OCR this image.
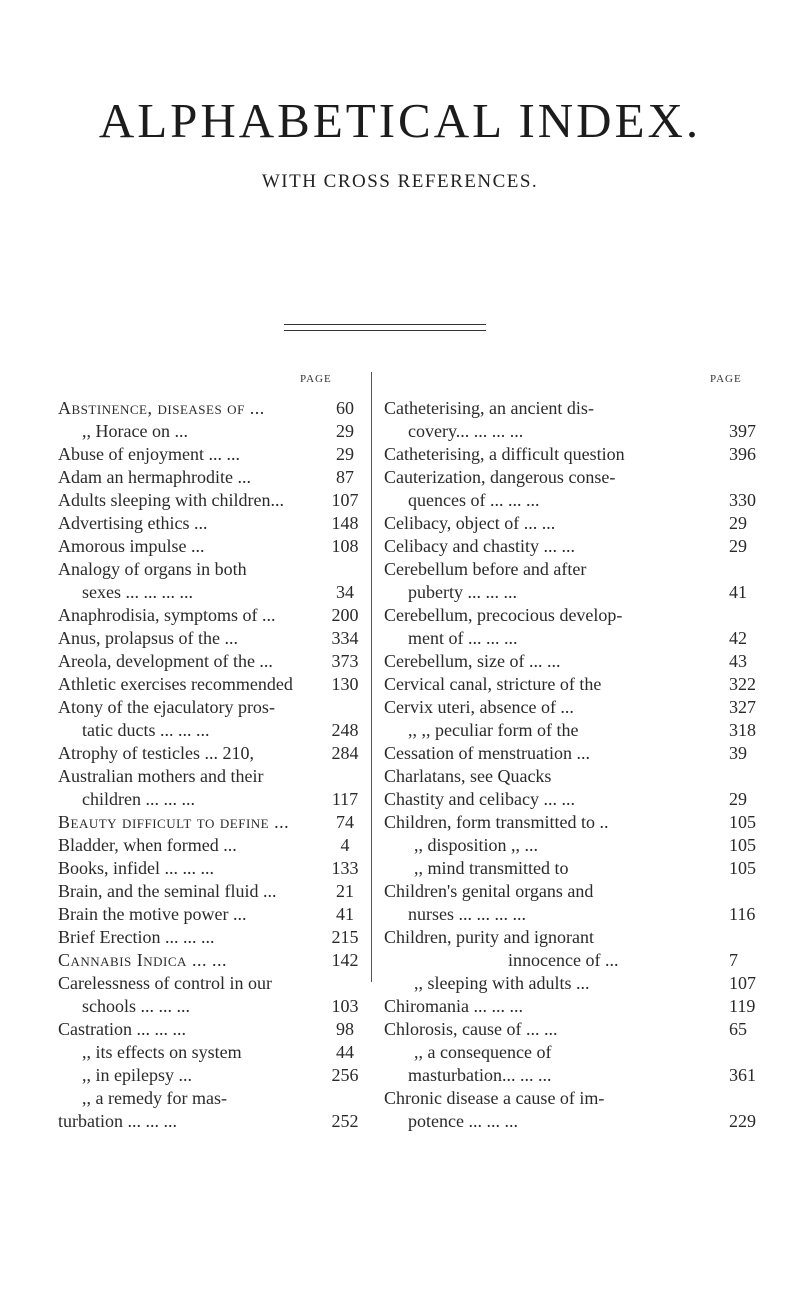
ALPHABETICAL INDEX.
WITH CROSS REFERENCES.
PAGE	PAGE
Abstinence, diseases of ...	60
,, Horace on ...	29
Abuse of enjoyment ... ...	29
Adam an hermaphrodite ...	87
Adults sleeping with children...	107
Advertising ethics ...	148
Amorous impulse ...	108
Analogy of organs in both
sexes ... ... ... ...	34
Anaphrodisia, symptoms of ...	200
Anus, prolapsus of the ...	334
Areola, development of the ...	373
Athletic exercises recommended	130
Atony of the ejaculatory pros-
tatic ducts ... ... ...	248
Atrophy of testicles ... 210,	284
Australian mothers and their
children ... ... ...	117
Beauty difficult to define ...	74
Bladder, when formed ...	4
Books, infidel ... ... ...	133
Brain, and the seminal fluid ...	21
Brain the motive power ...	41
Brief Erection ... ... ...	215
Cannabis Indica ... ...	142
Carelessness of control in our
schools ... ... ...	103
Castration ... ... ...	98
,, its effects on system	44
,, in epilepsy ...	256
,, a remedy for mas-
turbation ... ... ...	252
Catheterising, an ancient dis-
covery... ... ... ...	397
Catheterising, a difficult question	396
Cauterization, dangerous conse-
quences of ... ... ...	330
Celibacy, object of ... ...	29
Celibacy and chastity ... ...	29
Cerebellum before and after
puberty ... ... ...	41
Cerebellum, precocious develop-
ment of ... ... ...	42
Cerebellum, size of ... ...	43
Cervical canal, stricture of the	322
Cervix uteri, absence of ...	327
,, ,, peculiar form of the	318
Cessation of menstruation ...	39
Charlatans, see Quacks
Chastity and celibacy ... ...	29
Children, form transmitted to ..	105
,, disposition ,, ...	105
,, mind transmitted to	105
Children's genital organs and
nurses ... ... ... ...	116
Children, purity and ignorant
innocence of ...	7
,, sleeping with adults ...	107
Chiromania ... ... ...	119
Chlorosis, cause of ... ...	65
,, a consequence of
masturbation... ... ...	361
Chronic disease a cause of im-
potence ... ... ...	229
